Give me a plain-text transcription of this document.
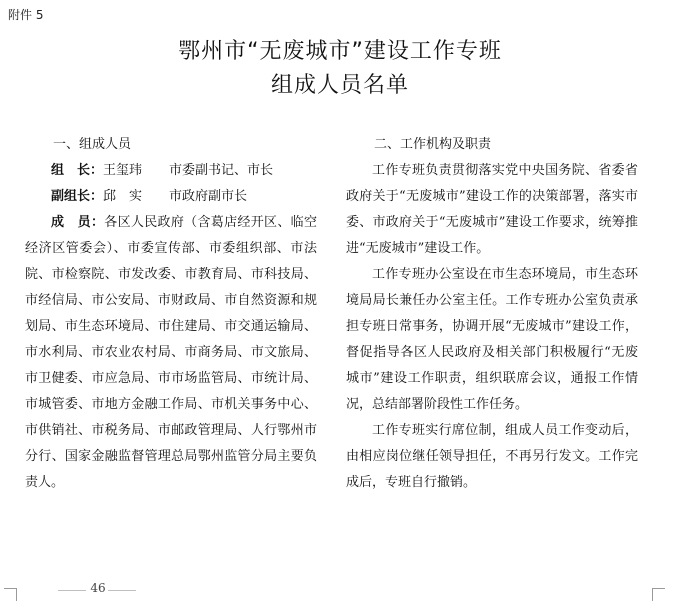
附件 5
鄂州市“无废城市”建设工作专班
组成人员名单

一、组成人员

组　长：王玺玮 市委副书记、市长

副组长：邱　实 市政府副市长

成　员：各区人民政府（含葛店经开区、临空经济区管委会）、市委宣传部、市委组织部、市法院、市检察院、市发改委、市教育局、市科技局、市经信局、市公安局、市财政局、市自然资源和规划局、市生态环境局、市住建局、市交通运输局、市水利局、市农业农村局、市商务局、市文旅局、市卫健委、市应急局、市市场监管局、市统计局、市城管委、市地方金融工作局、市机关事务中心、市供销社、市税务局、市邮政管理局、人行鄂州市分行、国家金融监督管理总局鄂州监管分局主要负责人。

二、工作机构及职责

工作专班负责贯彻落实党中央国务院、省委省政府关于“无废城市”建设工作的决策部署，落实市委、市政府关于“无废城市”建设工作要求，统筹推进“无废城市”建设工作。

工作专班办公室设在市生态环境局，市生态环境局局长兼任办公室主任。工作专班办公室负责承担专班日常事务，协调开展“无废城市”建设工作，督促指导各区人民政府及相关部门积极履行“无废城市”建设工作职责，组织联席会议，通报工作情况，总结部署阶段性工作任务。

工作专班实行席位制，组成人员工作变动后，由相应岗位继任领导担任，不再另行发文。工作完成后，专班自行撤销。

46
